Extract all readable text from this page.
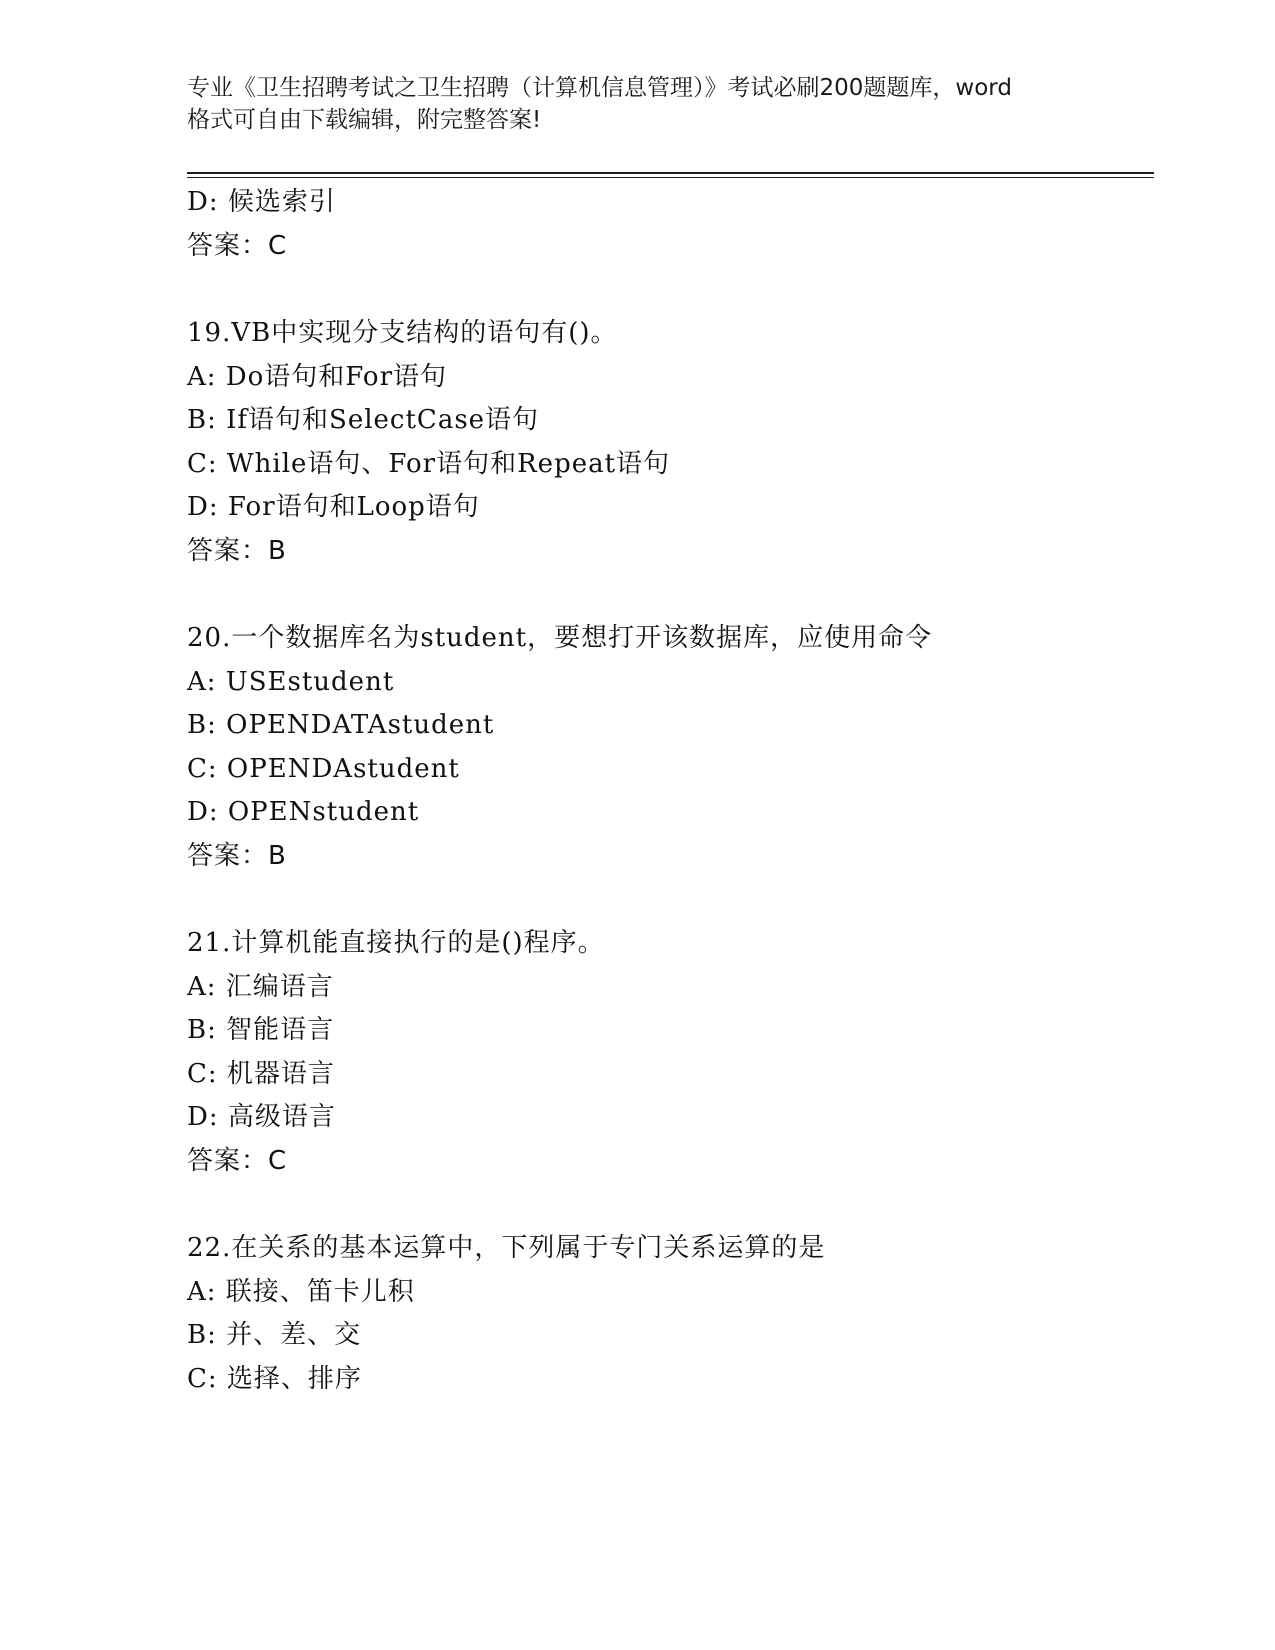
专业《卫生招聘考试之卫生招聘（计算机信息管理）》考试必刷200题题库，word
格式可自由下载编辑，附完整答案!
D: 候选索引
答案：C
19.VB中实现分支结构的语句有()。
A: Do语句和For语句
B: If语句和SelectCase语句
C: While语句、For语句和Repeat语句
D: For语句和Loop语句
答案：B
20.一个数据库名为student，要想打开该数据库，应使用命令
A: USEstudent
B: OPENDATAstudent
C: OPENDAstudent
D: OPENstudent
答案：B
21.计算机能直接执行的是()程序。
A: 汇编语言
B: 智能语言
C: 机器语言
D: 高级语言
答案：C
22.在关系的基本运算中，下列属于专门关系运算的是
A: 联接、笛卡儿积
B: 并、差、交
C: 选择、排序
